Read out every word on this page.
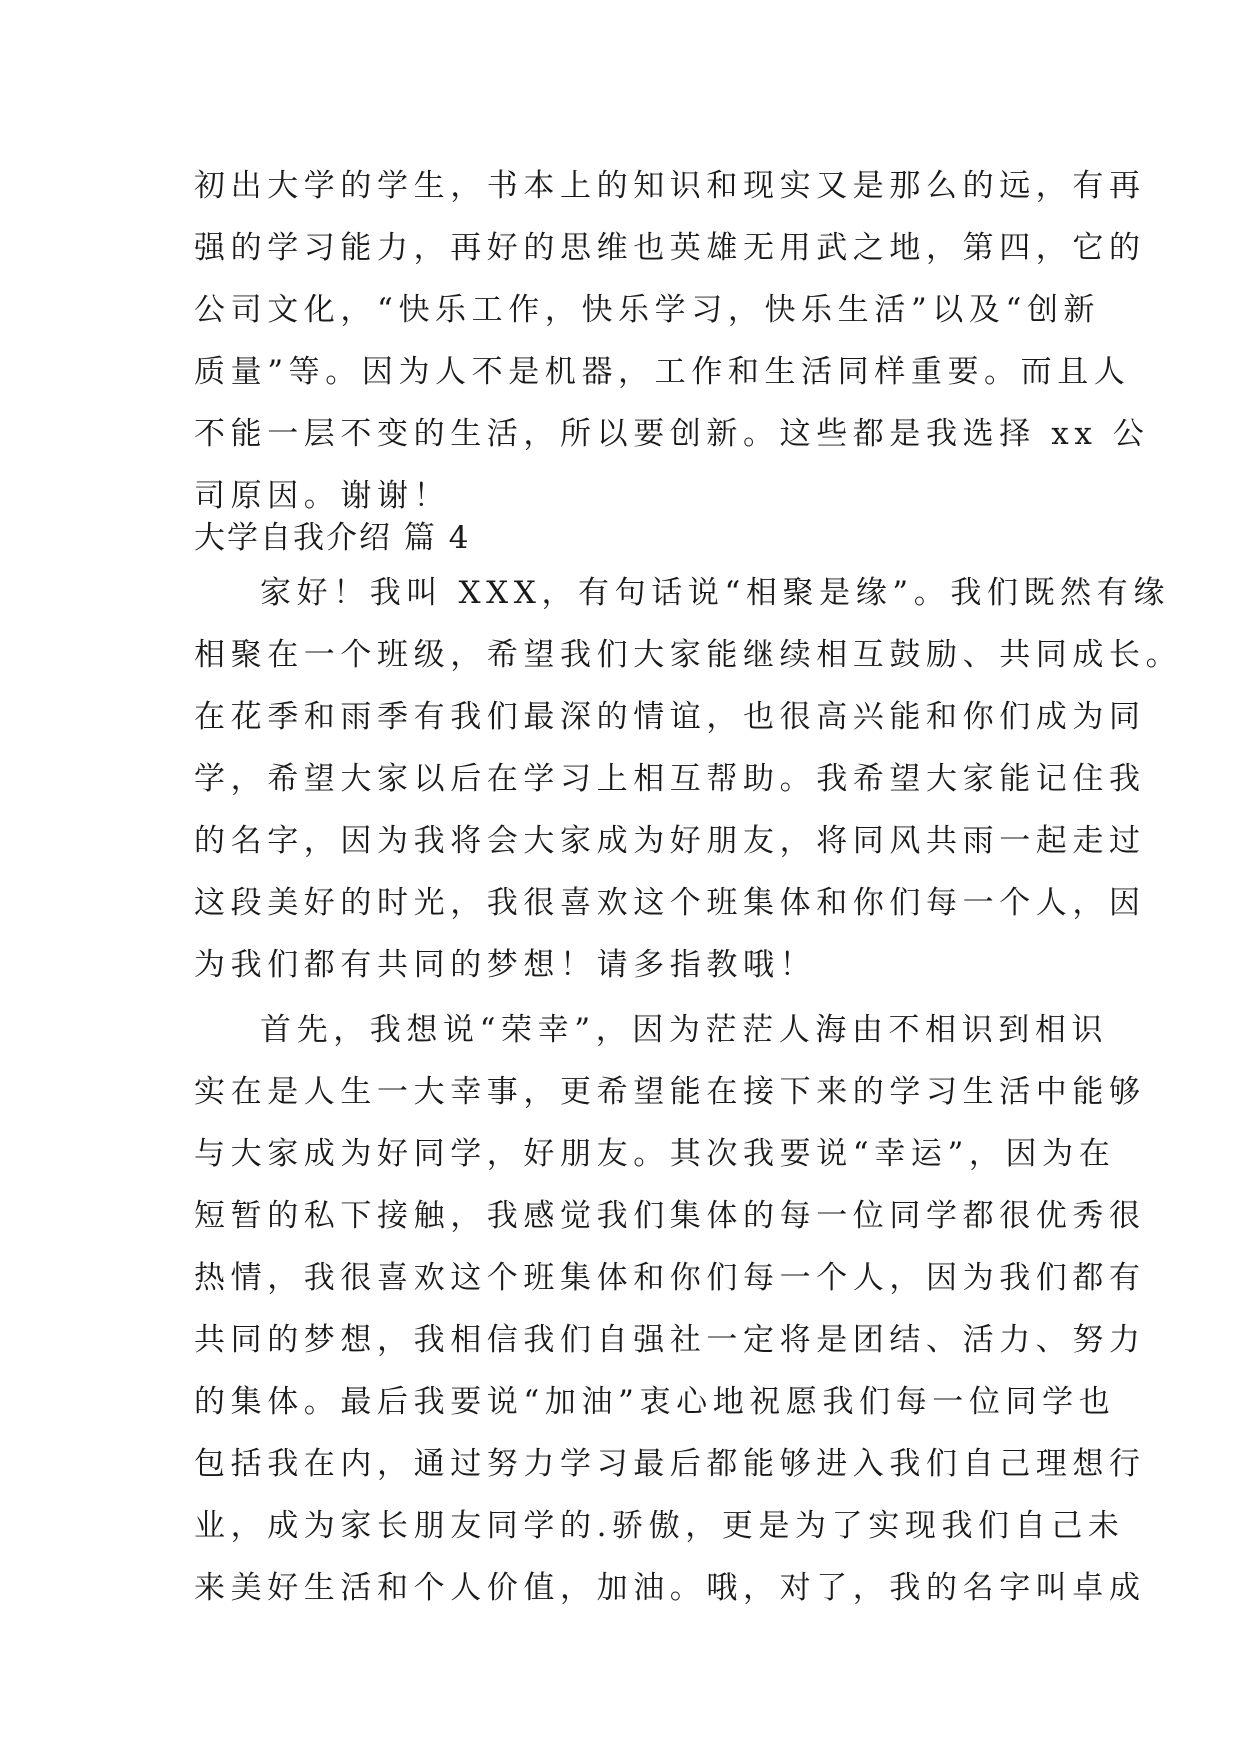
初出大学的学生，书本上的知识和现实又是那么的远，有再
强的学习能力，再好的思维也英雄无用武之地，第四，它的
公司文化，“快乐工作，快乐学习，快乐生活”以及“创新
质量”等。因为人不是机器，工作和生活同样重要。而且人
不能一层不变的生活，所以要创新。这些都是我选择 xx 公
司原因。谢谢！
大学自我介绍 篇 4
家好！我叫 XXX，有句话说“相聚是缘”。我们既然有缘
相聚在一个班级，希望我们大家能继续相互鼓励、共同成长。
在花季和雨季有我们最深的情谊，也很高兴能和你们成为同
学，希望大家以后在学习上相互帮助。我希望大家能记住我
的名字，因为我将会大家成为好朋友，将同风共雨一起走过
这段美好的时光，我很喜欢这个班集体和你们每一个人，因
为我们都有共同的梦想！请多指教哦！
首先，我想说“荣幸”，因为茫茫人海由不相识到相识
实在是人生一大幸事，更希望能在接下来的学习生活中能够
与大家成为好同学，好朋友。其次我要说“幸运”，因为在
短暂的私下接触，我感觉我们集体的每一位同学都很优秀很
热情，我很喜欢这个班集体和你们每一个人，因为我们都有
共同的梦想，我相信我们自强社一定将是团结、活力、努力
的集体。最后我要说“加油”衷心地祝愿我们每一位同学也
包括我在内，通过努力学习最后都能够进入我们自己理想行
业，成为家长朋友同学的.骄傲，更是为了实现我们自己未
来美好生活和个人价值，加油。哦，对了，我的名字叫卓成
